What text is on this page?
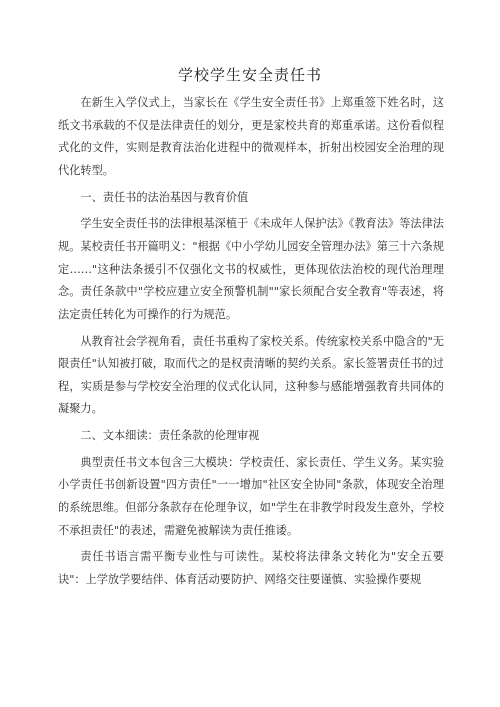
学校学生安全责任书

在新生入学仪式上，当家长在《学生安全责任书》上郑重签下姓名时，这纸文书承载的不仅是法律责任的划分，更是家校共育的郑重承诺。这份看似程式化的文件，实则是教育法治化进程中的微观样本，折射出校园安全治理的现代化转型。

一、责任书的法治基因与教育价值

学生安全责任书的法律根基深植于《未成年人保护法》《教育法》等法律法规。某校责任书开篇明义："根据《中小学幼儿园安全管理办法》第三十六条规定……"这种法条援引不仅强化文书的权威性，更体现依法治校的现代治理理念。责任条款中"学校应建立安全预警机制""家长须配合安全教育"等表述，将法定责任转化为可操作的行为规范。

从教育社会学视角看，责任书重构了家校关系。传统家校关系中隐含的"无限责任"认知被打破，取而代之的是权责清晰的契约关系。家长签署责任书的过程，实质是参与学校安全治理的仪式化认同，这种参与感能增强教育共同体的凝聚力。

二、文本细读：责任条款的伦理审视

典型责任书文本包含三大模块：学校责任、家长责任、学生义务。某实验小学责任书创新设置"四方责任"一一增加"社区安全协同"条款，体现安全治理的系统思维。但部分条款存在伦理争议，如"学生在非教学时段发生意外，学校不承担责任"的表述，需避免被解读为责任推诿。

责任书语言需平衡专业性与可读性。某校将法律条文转化为"安全五要诀"：上学放学要结伴、体育活动要防护、网络交往要谨慎、实验操作要规
